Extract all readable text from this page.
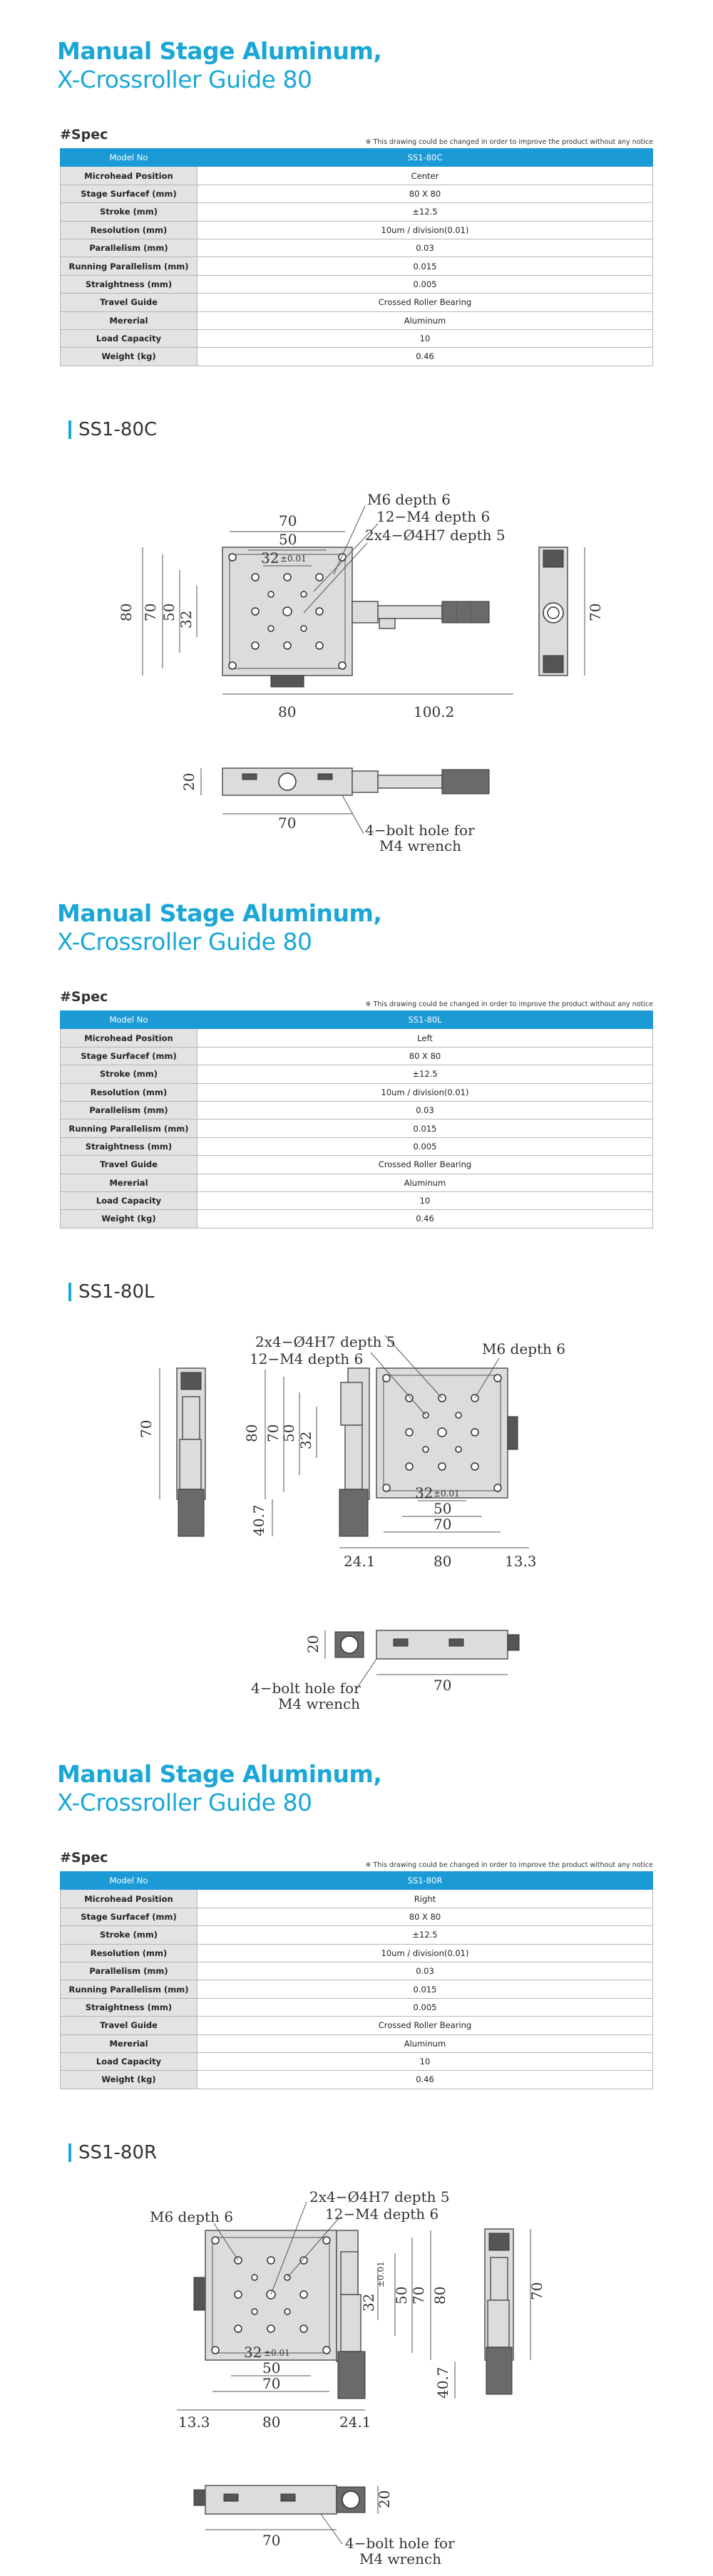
Manual Stage Aluminum,
X-Crossroller Guide 80
#Spec	※ This drawing could be changed in order to improve the product without any notice
Model No	SS1-80C
Microhead Position	Center
Stage Surfacef (mm)	80 X 80
Stroke (mm)	±12.5
Resolution (mm)	10um / division(0.01)
Parallelism (mm)	0.03
Running Parallelism (mm)	0.015
Straightness (mm)	0.005
Travel Guide	Crossed Roller Bearing
Mererial	Aluminum
Load Capacity	10
Weight (kg)	0.46
SS1-80C
70
50
32 ±0.01
M6 depth 6
12−M4 depth 6
2x4−Ø4H7 depth 5
80	100.2
80 70 50 32	70
70
20
4−bolt hole for
M4 wrench
Manual Stage Aluminum,
X-Crossroller Guide 80
#Spec	※ This drawing could be changed in order to improve the product without any notice
Model No	SS1-80L
Microhead Position	Left
Stage Surfacef (mm)	80 X 80
Stroke (mm)	±12.5
Resolution (mm)	10um / division(0.01)
Parallelism (mm)	0.03
Running Parallelism (mm)	0.015
Straightness (mm)	0.005
Travel Guide	Crossed Roller Bearing
Mererial	Aluminum
Load Capacity	10
Weight (kg)	0.46
SS1-80L
70
2x4−Ø4H7 depth 5
12−M4 depth 6
M6 depth 6
80 70
50 32
40.7
32 ±0.01
50
70
24.1	80	13.3
20
70
4−bolt hole for
M4 wrench
Manual Stage Aluminum,
X-Crossroller Guide 80
#Spec	※ This drawing could be changed in order to improve the product without any notice
Model No	SS1-80R
Microhead Position	Right
Stage Surfacef (mm)	80 X 80
Stroke (mm)	±12.5
Resolution (mm)	10um / division(0.01)
Parallelism (mm)	0.03
Running Parallelism (mm)	0.015
Straightness (mm)	0.005
Travel Guide	Crossed Roller Bearing
Mererial	Aluminum
Load Capacity	10
Weight (kg)	0.46
SS1-80R
2x4−Ø4H7 depth 5
12−M4 depth 6
M6 depth 6
32
±0.01
50 70 80
40.7
70
32 ±0.01
50
70
13.3	80	24.1
20
70	4−bolt hole for
M4 wrench
